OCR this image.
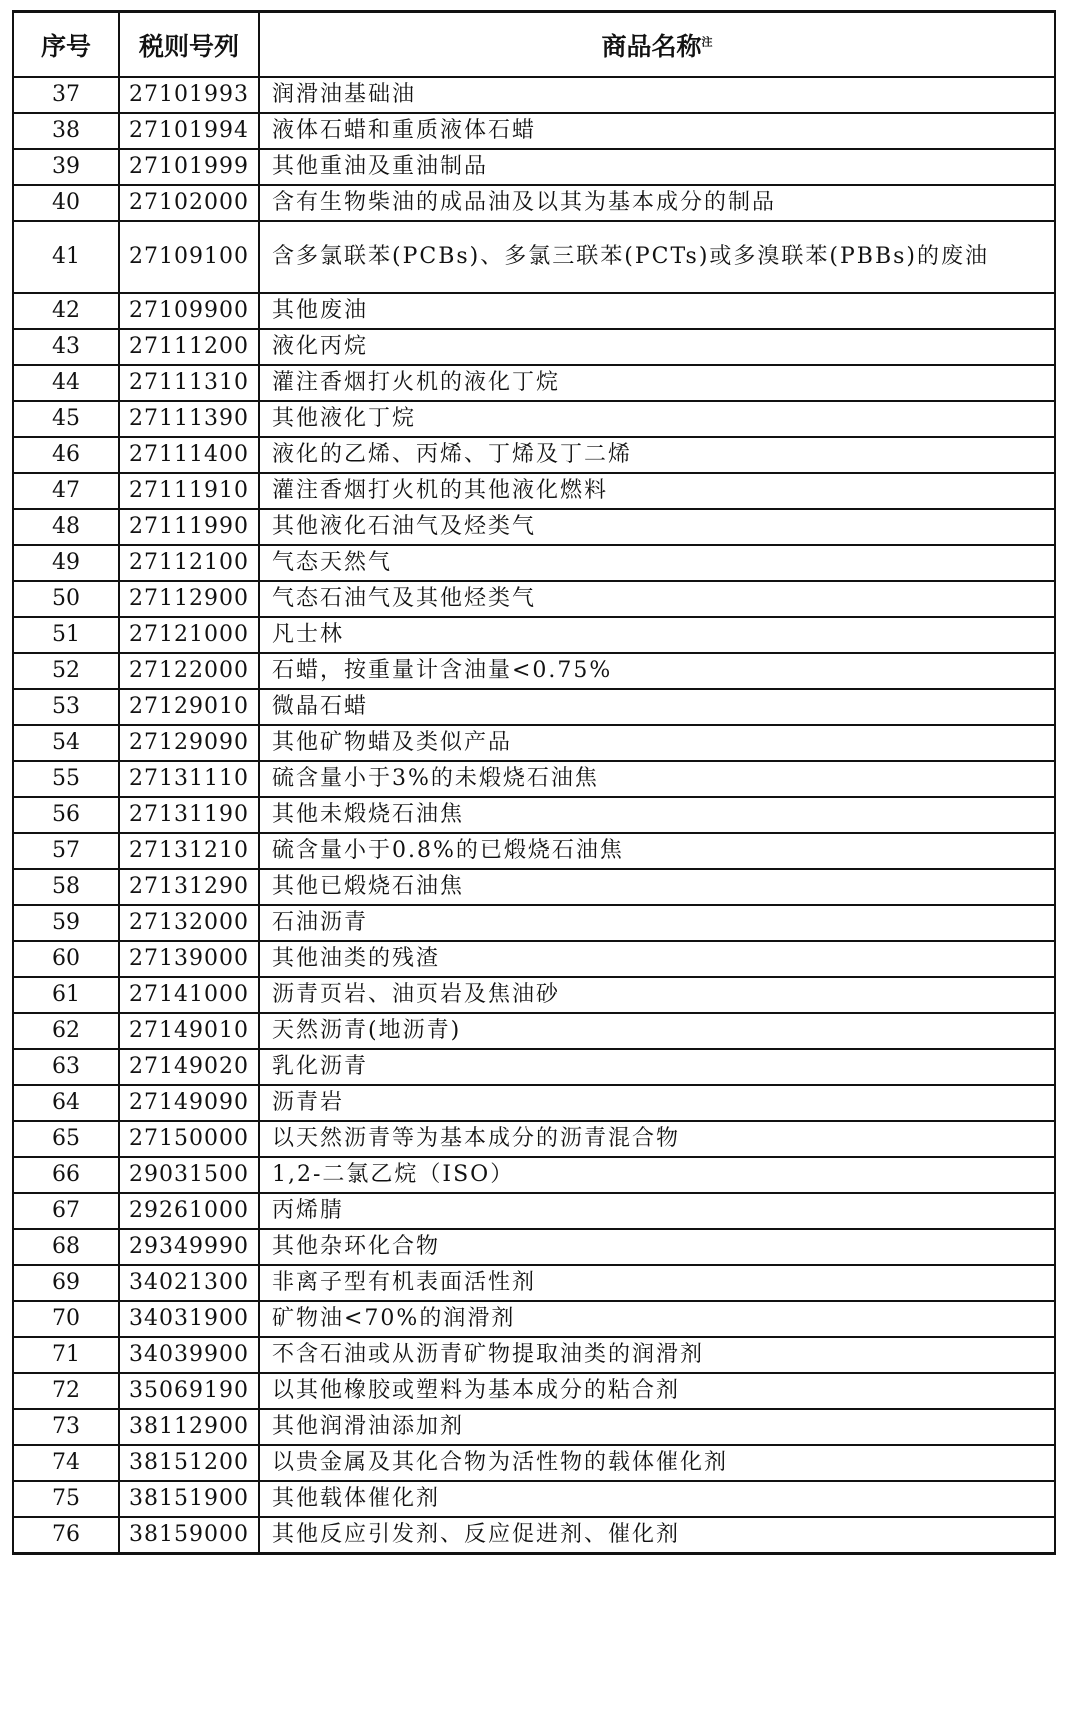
序号	税则号列	商品名称$^注$
37	27101993	润滑油基础油
38	27101994	液体石蜡和重质液体石蜡
39	27101999	其他重油及重油制品
40	27102000	含有生物柴油的成品油及以其为基本成分的制品
41	27109100	含多氯联苯(PCBs)、多氯三联苯(PCTs)或多溴联苯(PBBs)的废油
42	27109900	其他废油
43	27111200	液化丙烷
44	27111310	灌注香烟打火机的液化丁烷
45	27111390	其他液化丁烷
46	27111400	液化的乙烯、丙烯、丁烯及丁二烯
47	27111910	灌注香烟打火机的其他液化燃料
48	27111990	其他液化石油气及烃类气
49	27112100	气态天然气
50	27112900	气态石油气及其他烃类气
51	27121000	凡士林
52	27122000	石蜡，按重量计含油量<0.75%
53	27129010	微晶石蜡
54	27129090	其他矿物蜡及类似产品
55	27131110	硫含量小于3%的未煅烧石油焦
56	27131190	其他未煅烧石油焦
57	27131210	硫含量小于0.8%的已煅烧石油焦
58	27131290	其他已煅烧石油焦
59	27132000	石油沥青
60	27139000	其他油类的残渣
61	27141000	沥青页岩、油页岩及焦油砂
62	27149010	天然沥青(地沥青)
63	27149020	乳化沥青
64	27149090	沥青岩
65	27150000	以天然沥青等为基本成分的沥青混合物
66	29031500	1,2-二氯乙烷（ISO）
67	29261000	丙烯腈
68	29349990	其他杂环化合物
69	34021300	非离子型有机表面活性剂
70	34031900	矿物油<70%的润滑剂
71	34039900	不含石油或从沥青矿物提取油类的润滑剂
72	35069190	以其他橡胶或塑料为基本成分的粘合剂
73	38112900	其他润滑油添加剂
74	38151200	以贵金属及其化合物为活性物的载体催化剂
75	38151900	其他载体催化剂
76	38159000	其他反应引发剂、反应促进剂、催化剂
